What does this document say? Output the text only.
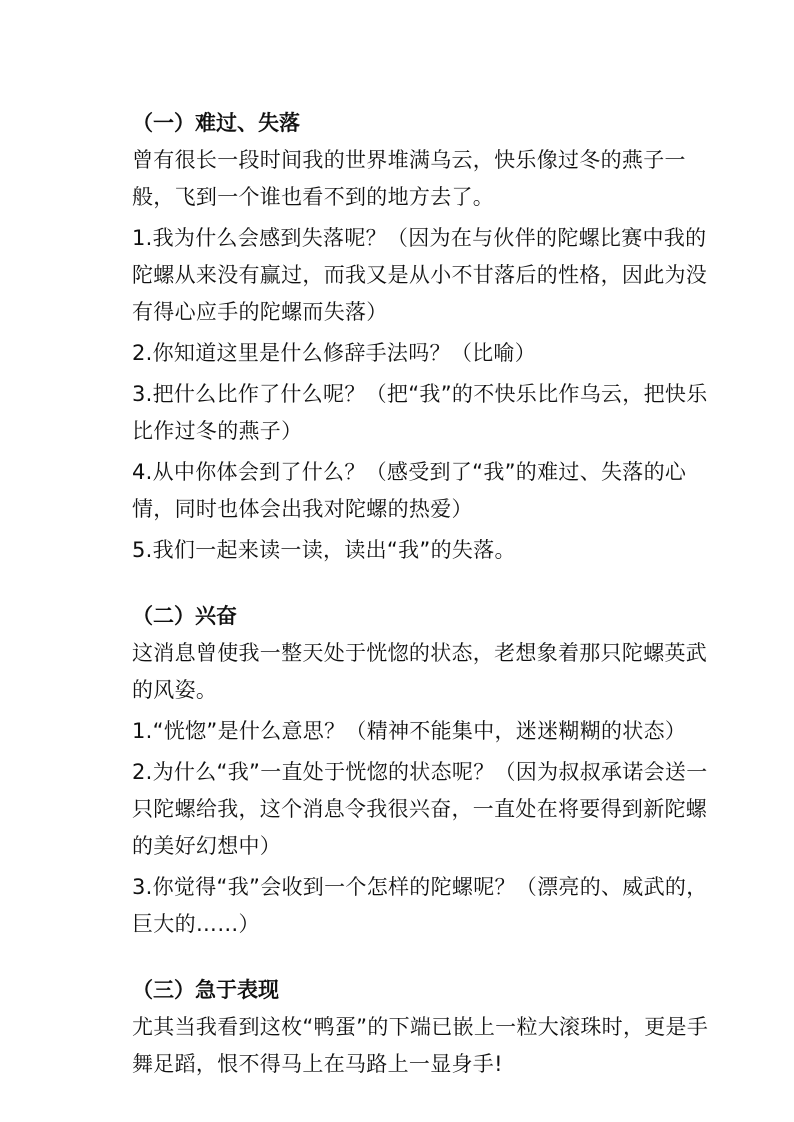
（一）难过、失落

曾有很长一段时间我的世界堆满乌云，快乐像过冬的燕子一般，飞到一个谁也看不到的地方去了。

1.我为什么会感到失落呢？（因为在与伙伴的陀螺比赛中我的陀螺从来没有赢过，而我又是从小不甘落后的性格，因此为没有得心应手的陀螺而失落）

2.你知道这里是什么修辞手法吗？（比喻）

3.把什么比作了什么呢？（把“我”的不快乐比作乌云，把快乐比作过冬的燕子）

4.从中你体会到了什么？（感受到了“我”的难过、失落的心情，同时也体会出我对陀螺的热爱）

5.我们一起来读一读，读出“我”的失落。

（二）兴奋

这消息曾使我一整天处于恍惚的状态，老想象着那只陀螺英武的风姿。

1.“恍惚”是什么意思？（精神不能集中，迷迷糊糊的状态）

2.为什么“我”一直处于恍惚的状态呢？（因为叔叔承诺会送一只陀螺给我，这个消息令我很兴奋，一直处在将要得到新陀螺的美好幻想中）

3.你觉得“我”会收到一个怎样的陀螺呢？（漂亮的、威武的，巨大的……）

（三）急于表现

尤其当我看到这枚“鸭蛋”的下端已嵌上一粒大滚珠时，更是手舞足蹈，恨不得马上在马路上一显身手!
